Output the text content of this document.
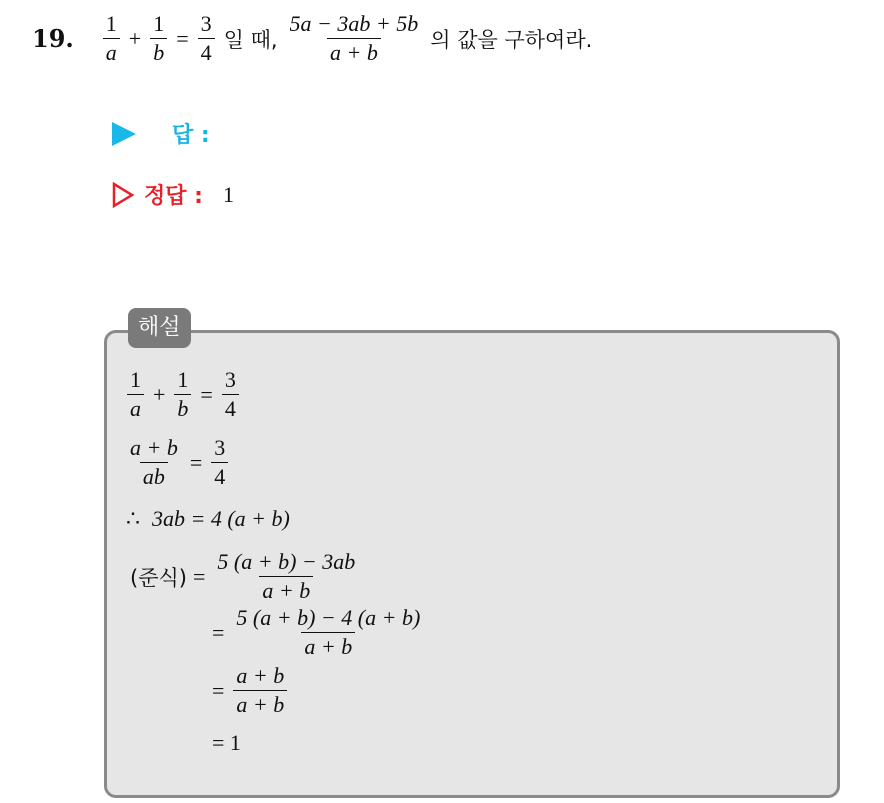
19. $\frac{1}{a} + \frac{1}{b} = \frac{3}{4}$ 일 때, $\frac{5a - 3ab + 5b}{a + b}$ 의 값을 구하여라.
답 :
정답 : 1
해설
$\frac{1}{a} + \frac{1}{b} = \frac{3}{4}$
$\frac{a + b}{ab} = \frac{3}{4}$
∴ 3ab = 4 (a + b)
(준식) = $\frac{5 (a + b) - 3ab}{a + b}$
= $\frac{5 (a + b) - 4 (a + b)}{a + b}$
= $\frac{a + b}{a + b}$
= 1
